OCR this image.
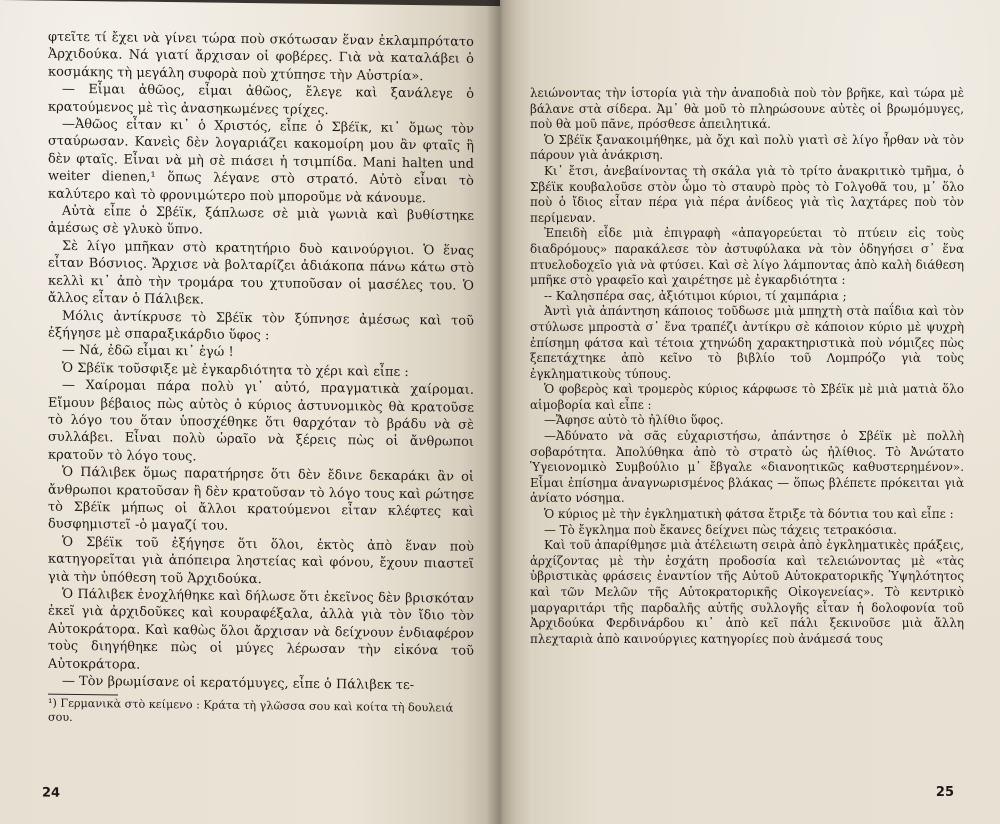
φτεῖτε τί ἔχει νὰ γίνει τώρα ποὺ σκότωσαν ἕναν ἐκλαμπρότατο Ἀρχιδούκα. Νά γιατί ἄρχισαν οἱ φοβέρες. Γιὰ νὰ καταλάβει ὁ κοσμάκης τὴ μεγάλη συφορὰ ποὺ χτύπησε τὴν Αὐστρία».

— Εἶμαι ἀθῶος, εἶμαι ἀθῶος, ἔλεγε καὶ ξανάλεγε ὁ κρατούμενος μὲ τὶς ἀνασηκωμένες τρίχες.

—Ἀθῶος εἶταν κι᾽ ὁ Χριστός, εἶπε ὁ Σβέϊκ, κι᾽ ὅμως τὸν σταύρωσαν. Κανεὶς δὲν λογαριάζει κακομοίρη μου ἂν φταῖς ἢ δὲν φταῖς. Εἶναι νὰ μὴ σὲ πιάσει ἡ τσιμπίδα. Mani halten und weiter dienen,¹ ὅπως λέγανε στὸ στρατό. Αὐτὸ εἶναι τὸ καλύτερο καὶ τὸ φρονιμώτερο ποὺ μποροῦμε νὰ κάνουμε.

Αὐτὰ εἶπε ὁ Σβέϊκ, ξάπλωσε σὲ μιὰ γωνιὰ καὶ βυθίστηκε ἀμέσως σὲ γλυκὸ ὕπνο.

Σὲ λίγο μπῆκαν στὸ κρατητήριο δυὸ καινούργιοι. Ὁ ἕνας εἶταν Βόσνιος. Ἄρχισε νὰ βολταρίζει ἀδιάκοπα πάνω κάτω στὸ κελλὶ κι᾽ ἀπὸ τὴν τρομάρα του χτυποῦσαν οἱ μασέλες του. Ὁ ἄλλος εἶταν ὁ Πάλιβεκ.

Μόλις ἀντίκρυσε τὸ Σβέϊκ τὸν ξύπνησε ἀμέσως καὶ τοῦ ἐξήγησε μὲ σπαραξικάρδιο ὕφος :

— Νά, ἐδῶ εἶμαι κι᾽ ἐγώ !

Ὁ Σβέϊκ τοῦσφιξε μὲ ἐγκαρδιότητα τὸ χέρι καὶ εἶπε :

— Χαίρομαι πάρα πολὺ γι᾽ αὐτό, πραγματικὰ χαίρομαι. Εἴμουν βέβαιος πὼς αὐτὸς ὁ κύριος ἀστυνομικὸς θὰ κρατοῦσε τὸ λόγο του ὅταν ὑποσχέθηκε ὅτι θαρχόταν τὸ βράδυ νὰ σὲ συλλάβει. Εἶναι πολὺ ὡραῖο νὰ ξέρεις πὼς οἱ ἄνθρωποι κρατοῦν τὸ λόγο τους.

Ὁ Πάλιβεκ ὅμως παρατήρησε ὅτι δὲν ἔδινε δεκαράκι ἂν οἱ ἄνθρωποι κρατοῦσαν ἢ δὲν κρατοῦσαν τὸ λόγο τους καὶ ρώτησε τὸ Σβέϊκ μήπως οἱ ἄλλοι κρατούμενοι εἶταν κλέφτες καὶ δυσφημιστεῖ -ὁ μαγαζί του.

Ὁ Σβέϊκ τοῦ ἐξήγησε ὅτι ὅλοι, ἐκτὸς ἀπὸ ἕναν ποὺ κατηγορεῖται γιὰ ἀπόπειρα ληστείας καὶ φόνου, ἔχουν πιαστεῖ γιὰ τὴν ὑπόθεση τοῦ Ἀρχιδούκα.

Ὁ Πάλιβεκ ἐνοχλήθηκε καὶ δήλωσε ὅτι ἐκεῖνος δὲν βρισκόταν ἐκεῖ γιὰ ἀρχιδοῦκες καὶ κουραφέξαλα, ἀλλὰ γιὰ τὸν ἴδιο τὸν Αὐτοκράτορα. Καὶ καθὼς ὅλοι ἄρχισαν νὰ δείχνουν ἐνδιαφέρον τοὺς διηγήθηκε πὼς οἱ μύγες λέρωσαν τὴν εἰκόνα τοῦ Αὐτοκράτορα.

— Τὸν βρωμίσανε οἱ κερατόμυγες, εἶπε ὁ Πάλιβεκ τε-

¹) Γερμανικὰ στὸ κείμενο : Κράτα τὴ γλῶσσα σου καὶ κοίτα τὴ δουλειά σου.
24

λειώνοντας τὴν ἱστορία γιὰ τὴν ἀναποδιὰ ποὺ τὸν βρῆκε, καὶ τώρα μὲ βάλανε στὰ σίδερα. Ἀμ᾽ θὰ μοῦ τὸ πληρώσουνε αὐτὲς οἱ βρωμόμυγες, ποὺ θὰ μοῦ πᾶνε, πρόσθεσε ἀπειλητικά.

Ὁ Σβέϊκ ξανακοιμήθηκε, μὰ ὄχι καὶ πολὺ γιατὶ σὲ λίγο ἦρθαν νὰ τὸν πάρουν γιὰ ἀνάκριση.

Κι᾽ ἔτσι, ἀνεβαίνοντας τὴ σκάλα γιὰ τὸ τρίτο ἀνακριτικὸ τμῆμα, ὁ Σβέϊκ κουβαλοῦσε στὸν ὦμο τὸ σταυρὸ πρὸς τὸ Γολγοθᾶ του, μ᾽ ὅλο ποὺ ὁ ἴδιος εἶταν πέρα γιὰ πέρα ἀνίδεος γιὰ τὶς λαχτάρες ποὺ τὸν περίμεναν.

Ἐπειδὴ εἶδε μιὰ ἐπιγραφὴ «ἀπαγορεύεται τὸ πτύειν εἰς τοὺς διαδρόμους» παρακάλεσε τὸν ἀστυφύλακα νὰ τὸν ὁδηγήσει σ᾽ ἕνα πτυελοδοχεῖο γιὰ νὰ φτύσει. Καὶ σὲ λίγο λάμποντας ἀπὸ καλὴ διάθεση μπῆκε στὸ γραφεῖο καὶ χαιρέτησε μὲ ἐγκαρδιότητα :

-- Καλησπέρα σας, ἀξιότιμοι κύριοι, τί χαμπάρια ;

Ἀντὶ γιὰ ἀπάντηση κάποιος τοῦδωσε μιὰ μπηχτὴ στὰ παΐδια καὶ τὸν στύλωσε μπροστὰ σ᾽ ἕνα τραπέζι ἀντίκρυ σὲ κάποιον κύριο μὲ ψυχρὴ ἐπίσημη φάτσα καὶ τέτοια χτηνώδη χαρακτηριστικὰ ποὺ νόμιζες πὼς ξεπετάχτηκε ἀπὸ κεῖνο τὸ βιβλίο τοῦ Λομπρόζο γιὰ τοὺς ἐγκληματικοὺς τύπους.

Ὁ φοβερὸς καὶ τρομερὸς κύριος κάρφωσε τὸ Σβέϊκ μὲ μιὰ ματιὰ ὅλο αἱμοβορία καὶ εἶπε :

—Ἄφησε αὐτὸ τὸ ἠλίθιο ὕφος.

—Ἀδύνατο νὰ σᾶς εὐχαριστήσω, ἀπάντησε ὁ Σβέϊκ μὲ πολλὴ σοβαρότητα. Ἀπολύθηκα ἀπὸ τὸ στρατὸ ὡς ἠλίθιος. Τὸ Ἀνώτατο Ὑγειονομικὸ Συμβούλιο μ᾽ ἔβγαλε «διανοητικῶς καθυστερημένον». Εἶμαι ἐπίσημα ἀναγνωρισμένος βλάκας — ὅπως βλέπετε πρόκειται γιὰ ἀνίατο νόσημα.

Ὁ κύριος μὲ τὴν ἐγκληματικὴ φάτσα ἔτριξε τὰ δόντια του καὶ εἶπε :

— Τὸ ἔγκλημα ποὺ ἔκανες δείχνει πὼς τάχεις τετρακόσια.

Καὶ τοῦ ἀπαρίθμησε μιὰ ἀτέλειωτη σειρὰ ἀπὸ ἐγκληματικὲς πράξεις, ἀρχίζοντας μὲ τὴν ἐσχάτη προδοσία καὶ τελειώνοντας μὲ «τὰς ὑβριστικὰς φράσεις ἐναντίον τῆς Αὐτοῦ Αὐτοκρατορικῆς Ὑψηλότητος καὶ τῶν Μελῶν τῆς Αὐτοκρατορικῆς Οἰκογενείας». Τὸ κεντρικὸ μαργαριτάρι τῆς παρδαλῆς αὐτῆς συλλογῆς εἶταν ἡ δολοφονία τοῦ Ἀρχιδούκα Φερδινάρδου κι᾽ ἀπὸ κεῖ πάλι ξεκινοῦσε μιὰ ἄλλη πλεχταριὰ ἀπὸ καινούργιες κατηγορίες ποὺ ἀνάμεσά τους

25
